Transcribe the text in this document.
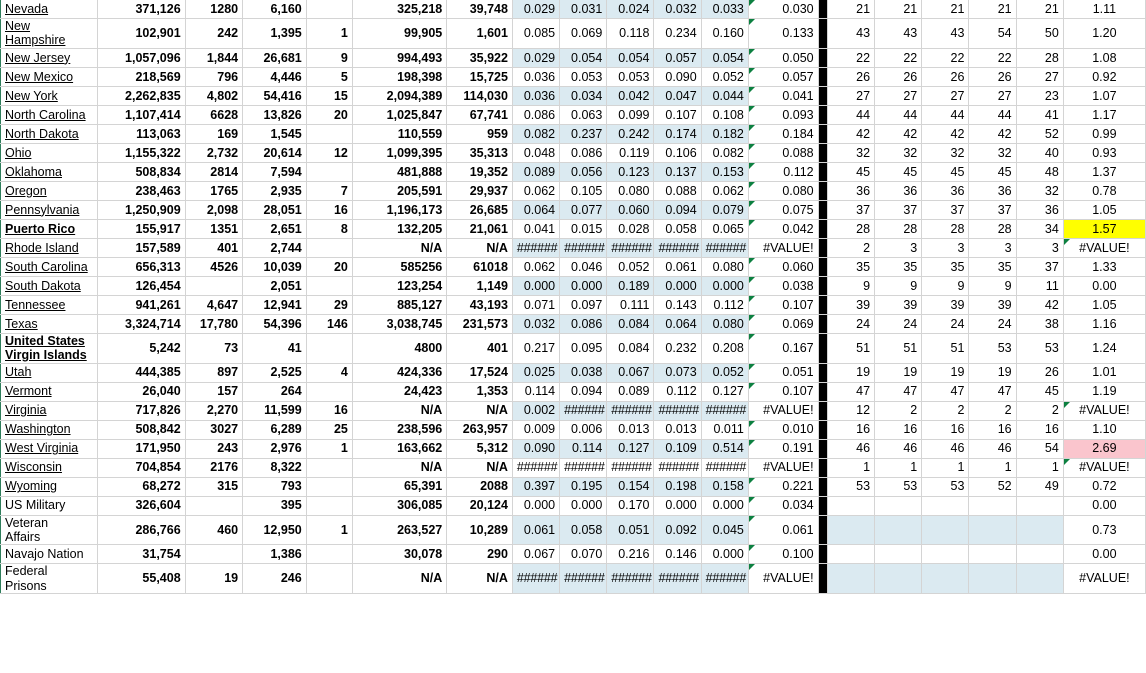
Nevada	371,126	1280	6,160		325,218	39,748	0.029	0.031	0.024	0.032	0.033	0.030		21	21	21	21	21	1.11
New
Hampshire	102,901	242	1,395	1	99,905	1,601	0.085	0.069	0.118	0.234	0.160	0.133		43	43	43	54	50	1.20
New Jersey	1,057,096	1,844	26,681	9	994,493	35,922	0.029	0.054	0.054	0.057	0.054	0.050		22	22	22	22	28	1.08
New Mexico	218,569	796	4,446	5	198,398	15,725	0.036	0.053	0.053	0.090	0.052	0.057		26	26	26	26	27	0.92
New York	2,262,835	4,802	54,416	15	2,094,389	114,030	0.036	0.034	0.042	0.047	0.044	0.041		27	27	27	27	23	1.07
North Carolina	1,107,414	6628	13,826	20	1,025,847	67,741	0.086	0.063	0.099	0.107	0.108	0.093		44	44	44	44	41	1.17
North Dakota	113,063	169	1,545		110,559	959	0.082	0.237	0.242	0.174	0.182	0.184		42	42	42	42	52	0.99
Ohio	1,155,322	2,732	20,614	12	1,099,395	35,313	0.048	0.086	0.119	0.106	0.082	0.088		32	32	32	32	40	0.93
Oklahoma	508,834	2814	7,594		481,888	19,352	0.089	0.056	0.123	0.137	0.153	0.112		45	45	45	45	48	1.37
Oregon	238,463	1765	2,935	7	205,591	29,937	0.062	0.105	0.080	0.088	0.062	0.080		36	36	36	36	32	0.78
Pennsylvania	1,250,909	2,098	28,051	16	1,196,173	26,685	0.064	0.077	0.060	0.094	0.079	0.075		37	37	37	37	36	1.05
Puerto Rico	155,917	1351	2,651	8	132,205	21,061	0.041	0.015	0.028	0.058	0.065	0.042		28	28	28	28	34	1.57
Rhode Island	157,589	401	2,744		N/A	N/A	######	######	######	######	######	#VALUE!		2	3	3	3	3	#VALUE!
South Carolina	656,313	4526	10,039	20	585256	61018	0.062	0.046	0.052	0.061	0.080	0.060		35	35	35	35	37	1.33
South Dakota	126,454		2,051		123,254	1,149	0.000	0.000	0.189	0.000	0.000	0.038		9	9	9	9	11	0.00
Tennessee	941,261	4,647	12,941	29	885,127	43,193	0.071	0.097	0.111	0.143	0.112	0.107		39	39	39	39	42	1.05
Texas	3,324,714	17,780	54,396	146	3,038,745	231,573	0.032	0.086	0.084	0.064	0.080	0.069		24	24	24	24	38	1.16
United States
Virgin Islands	5,242	73	41		4800	401	0.217	0.095	0.084	0.232	0.208	0.167		51	51	51	53	53	1.24
Utah	444,385	897	2,525	4	424,336	17,524	0.025	0.038	0.067	0.073	0.052	0.051		19	19	19	19	26	1.01
Vermont	26,040	157	264		24,423	1,353	0.114	0.094	0.089	0.112	0.127	0.107		47	47	47	47	45	1.19
Virginia	717,826	2,270	11,599	16	N/A	N/A	0.002	######	######	######	######	#VALUE!		12	2	2	2	2	#VALUE!
Washington	508,842	3027	6,289	25	238,596	263,957	0.009	0.006	0.013	0.013	0.011	0.010		16	16	16	16	16	1.10
West Virginia	171,950	243	2,976	1	163,662	5,312	0.090	0.114	0.127	0.109	0.514	0.191		46	46	46	46	54	2.69
Wisconsin	704,854	2176	8,322		N/A	N/A	######	######	######	######	######	#VALUE!		1	1	1	1	1	#VALUE!
Wyoming	68,272	315	793		65,391	2088	0.397	0.195	0.154	0.198	0.158	0.221		53	53	53	52	49	0.72
US Military	326,604		395		306,085	20,124	0.000	0.000	0.170	0.000	0.000	0.034							0.00
Veteran
Affairs	286,766	460	12,950	1	263,527	10,289	0.061	0.058	0.051	0.092	0.045	0.061							0.73
Navajo Nation	31,754		1,386		30,078	290	0.067	0.070	0.216	0.146	0.000	0.100							0.00
Federal
Prisons	55,408	19	246		N/A	N/A	######	######	######	######	######	#VALUE!							#VALUE!
